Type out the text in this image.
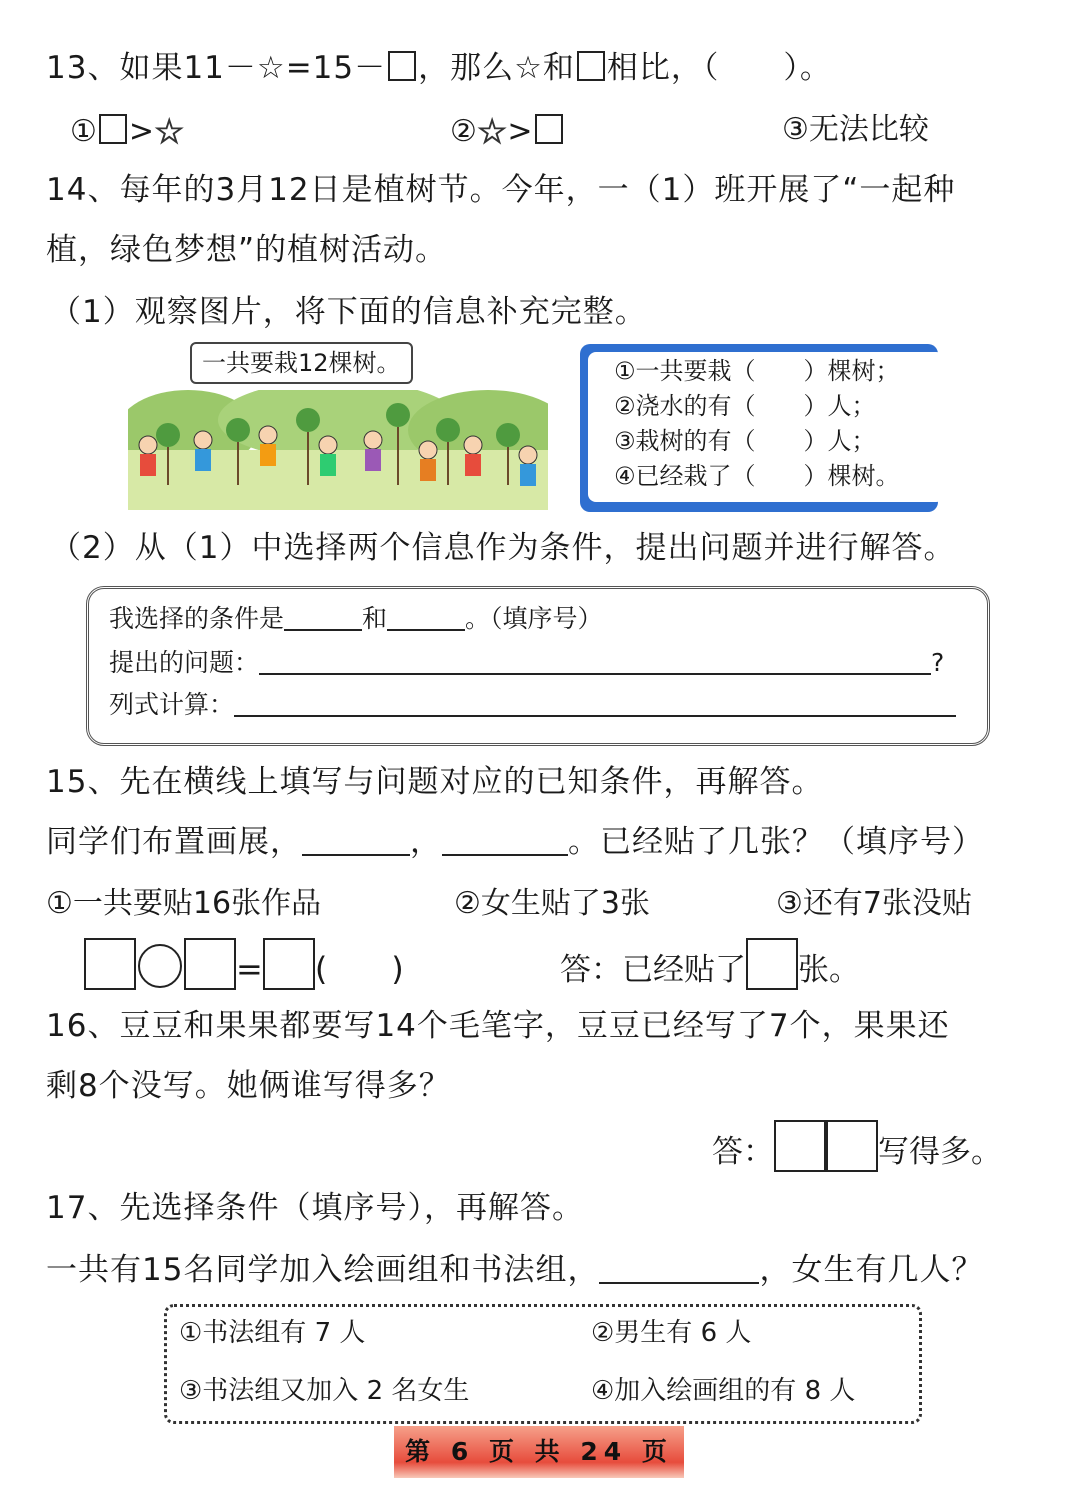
13、如果11－☆=15－ ，那么☆和 相比，（　　）。
① >☆	②☆>	③无法比较
14、每年的3月12日是植树节。今年，一（1）班开展了“一起种
植，绿色梦想”的植树活动。
（1）观察图片，将下面的信息补充完整。
一共要栽12棵树。	①一共要栽（　　）棵树；
②浇水的有（　　）人；
③栽树的有（　　）人；
④已经栽了（　　）棵树。
（2）从（1）中选择两个信息作为条件，提出问题并进行解答。
我选择的条件是	和	。（填序号）
提出的问题：	?
列式计算：
15、先在横线上填写与问题对应的已知条件，再解答。
同学们布置画展，	，	。已经贴了几张？（填序号）
①一共要贴16张作品	②女生贴了3张	③还有7张没贴
= (　　)	答：已经贴了 张。
16、豆豆和果果都要写14个毛笔字，豆豆已经写了7个，果果还
剩8个没写。她俩谁写得多？
答：	写得多。
17、先选择条件（填序号），再解答。
一共有15名同学加入绘画组和书法组，	，女生有几人？
①书法组有 7 人	②男生有 6 人
③书法组又加入 2 名女生	④加入绘画组的有 8 人
第 6 页 共 24 页
